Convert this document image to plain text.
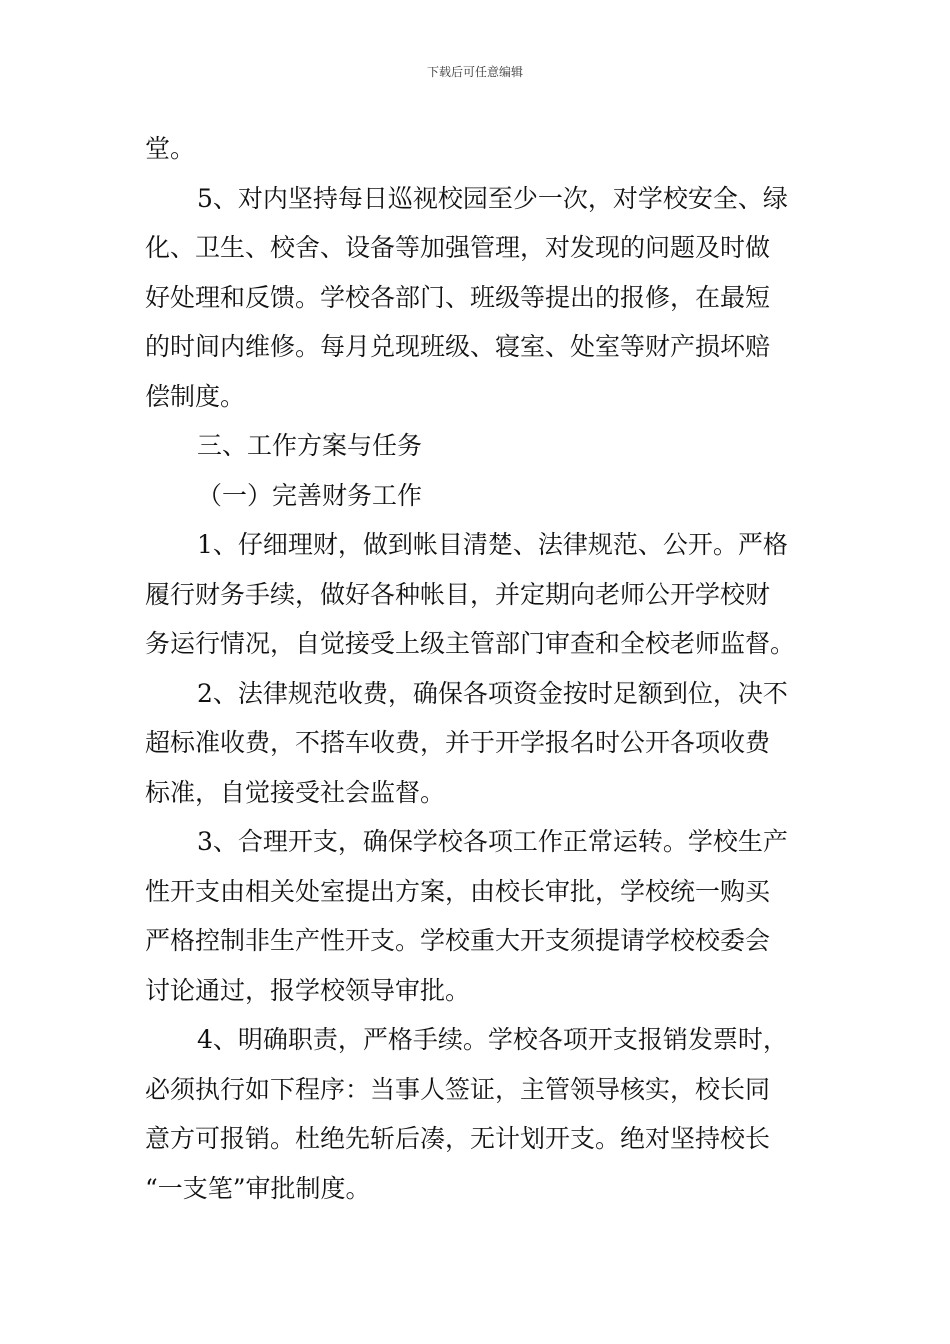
下载后可任意编辑
堂。
5、对内坚持每日巡视校园至少一次，对学校安全、绿
化、卫生、校舍、设备等加强管理，对发现的问题及时做
好处理和反馈。学校各部门、班级等提出的报修，在最短
的时间内维修。每月兑现班级、寝室、处室等财产损坏赔
偿制度。
三、工作方案与任务
（一）完善财务工作
1、仔细理财，做到帐目清楚、法律规范、公开。严格
履行财务手续，做好各种帐目，并定期向老师公开学校财
务运行情况，自觉接受上级主管部门审查和全校老师监督。
2、法律规范收费，确保各项资金按时足额到位，决不
超标准收费，不搭车收费，并于开学报名时公开各项收费
标准，自觉接受社会监督。
3、合理开支，确保学校各项工作正常运转。学校生产
性开支由相关处室提出方案，由校长审批，学校统一购买
严格控制非生产性开支。学校重大开支须提请学校校委会
讨论通过，报学校领导审批。
4、明确职责，严格手续。学校各项开支报销发票时，
必须执行如下程序：当事人签证，主管领导核实，校长同
意方可报销。杜绝先斩后凑，无计划开支。绝对坚持校长
“一支笔”审批制度。
